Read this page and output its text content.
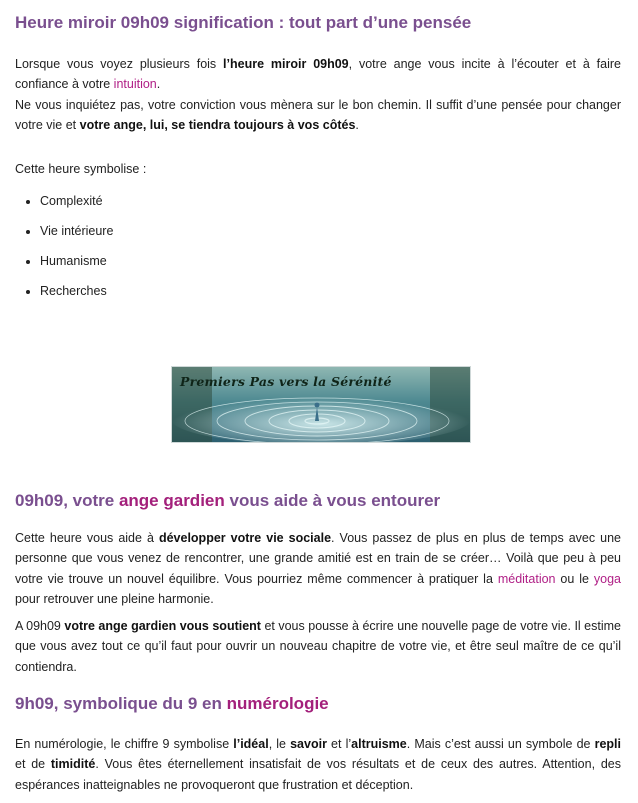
Heure miroir 09h09 signification : tout part d’une pensée

Lorsque vous voyez plusieurs fois l’heure miroir 09h09, votre ange vous incite à l’écouter et à faire confiance à votre intuition.
Ne vous inquiétez pas, votre conviction vous mènera sur le bon chemin. Il suffit d’une pensée pour changer votre vie et votre ange, lui, se tiendra toujours à vos côtés.

Cette heure symbolise :

• Complexité
• Vie intérieure
• Humanisme
• Recherches
Premiers Pas vers la Sérénité
09h09, votre ange gardien vous aide à vous entourer

Cette heure vous aide à développer votre vie sociale. Vous passez de plus en plus de temps avec une personne que vous venez de rencontrer, une grande amitié est en train de se créer… Voilà que peu à peu votre vie trouve un nouvel équilibre. Vous pourriez même commencer à pratiquer la méditation ou le yoga pour retrouver une pleine harmonie.

A 09h09 votre ange gardien vous soutient et vous pousse à écrire une nouvelle page de votre vie. Il estime que vous avez tout ce qu’il faut pour ouvrir un nouveau chapitre de votre vie, et être seul maître de ce qu’il contiendra.

9h09, symbolique du 9 en numérologie

En numérologie, le chiffre 9 symbolise l’idéal, le savoir et l’altruisme. Mais c’est aussi un symbole de repli et de timidité. Vous êtes éternellement insatisfait de vos résultats et de ceux des autres. Attention, des espérances inatteignables ne provoqueront que frustration et déception.
